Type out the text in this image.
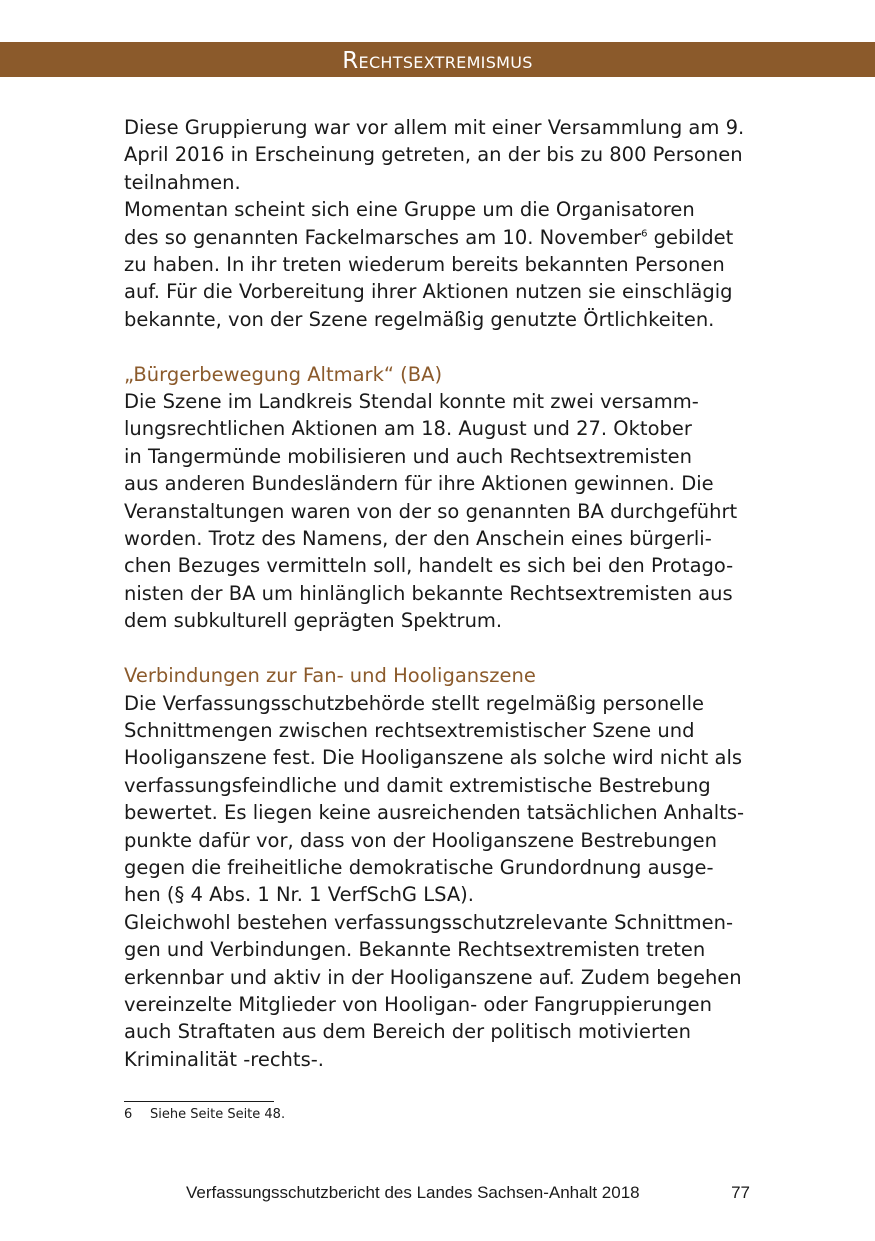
Rechtsextremismus

Diese Gruppierung war vor allem mit einer Versammlung am 9.
April 2016 in Erscheinung getreten, an der bis zu 800 Personen
teilnahmen.

Momentan scheint sich eine Gruppe um die Organisatoren
des so genannten Fackelmarsches am 10. November$^6$ gebildet
zu haben. In ihr treten wiederum bereits bekannten Personen
auf. Für die Vorbereitung ihrer Aktionen nutzen sie einschlägig
bekannte, von der Szene regelmäßig genutzte Örtlichkeiten.

„Bürgerbewegung Altmark“ (BA)

Die Szene im Landkreis Stendal konnte mit zwei versamm-
lungsrechtlichen Aktionen am 18. August und 27. Oktober
in Tangermünde mobilisieren und auch Rechtsextremisten
aus anderen Bundesländern für ihre Aktionen gewinnen. Die
Veranstaltungen waren von der so genannten BA durchgeführt
worden. Trotz des Namens, der den Anschein eines bürgerli-
chen Bezuges vermitteln soll, handelt es sich bei den Protago-
nisten der BA um hinlänglich bekannte Rechtsextremisten aus
dem subkulturell geprägten Spektrum.

Verbindungen zur Fan- und Hooliganszene

Die Verfassungsschutzbehörde stellt regelmäßig personelle
Schnittmengen zwischen rechtsextremistischer Szene und
Hooliganszene fest. Die Hooliganszene als solche wird nicht als
verfassungsfeindliche und damit extremistische Bestrebung
bewertet. Es liegen keine ausreichenden tatsächlichen Anhalts-
punkte dafür vor, dass von der Hooliganszene Bestrebungen
gegen die freiheitliche demokratische Grundordnung ausge-
hen (§ 4 Abs. 1 Nr. 1 VerfSchG LSA).

Gleichwohl bestehen verfassungsschutzrelevante Schnittmen-
gen und Verbindungen. Bekannte Rechtsextremisten treten
erkennbar und aktiv in der Hooliganszene auf. Zudem begehen
vereinzelte Mitglieder von Hooligan- oder Fangruppierungen
auch Straftaten aus dem Bereich der politisch motivierten
Kriminalität -rechts-.

6 Siehe Seite Seite 48.
Verfassungsschutzbericht des Landes Sachsen-Anhalt 2018	77
